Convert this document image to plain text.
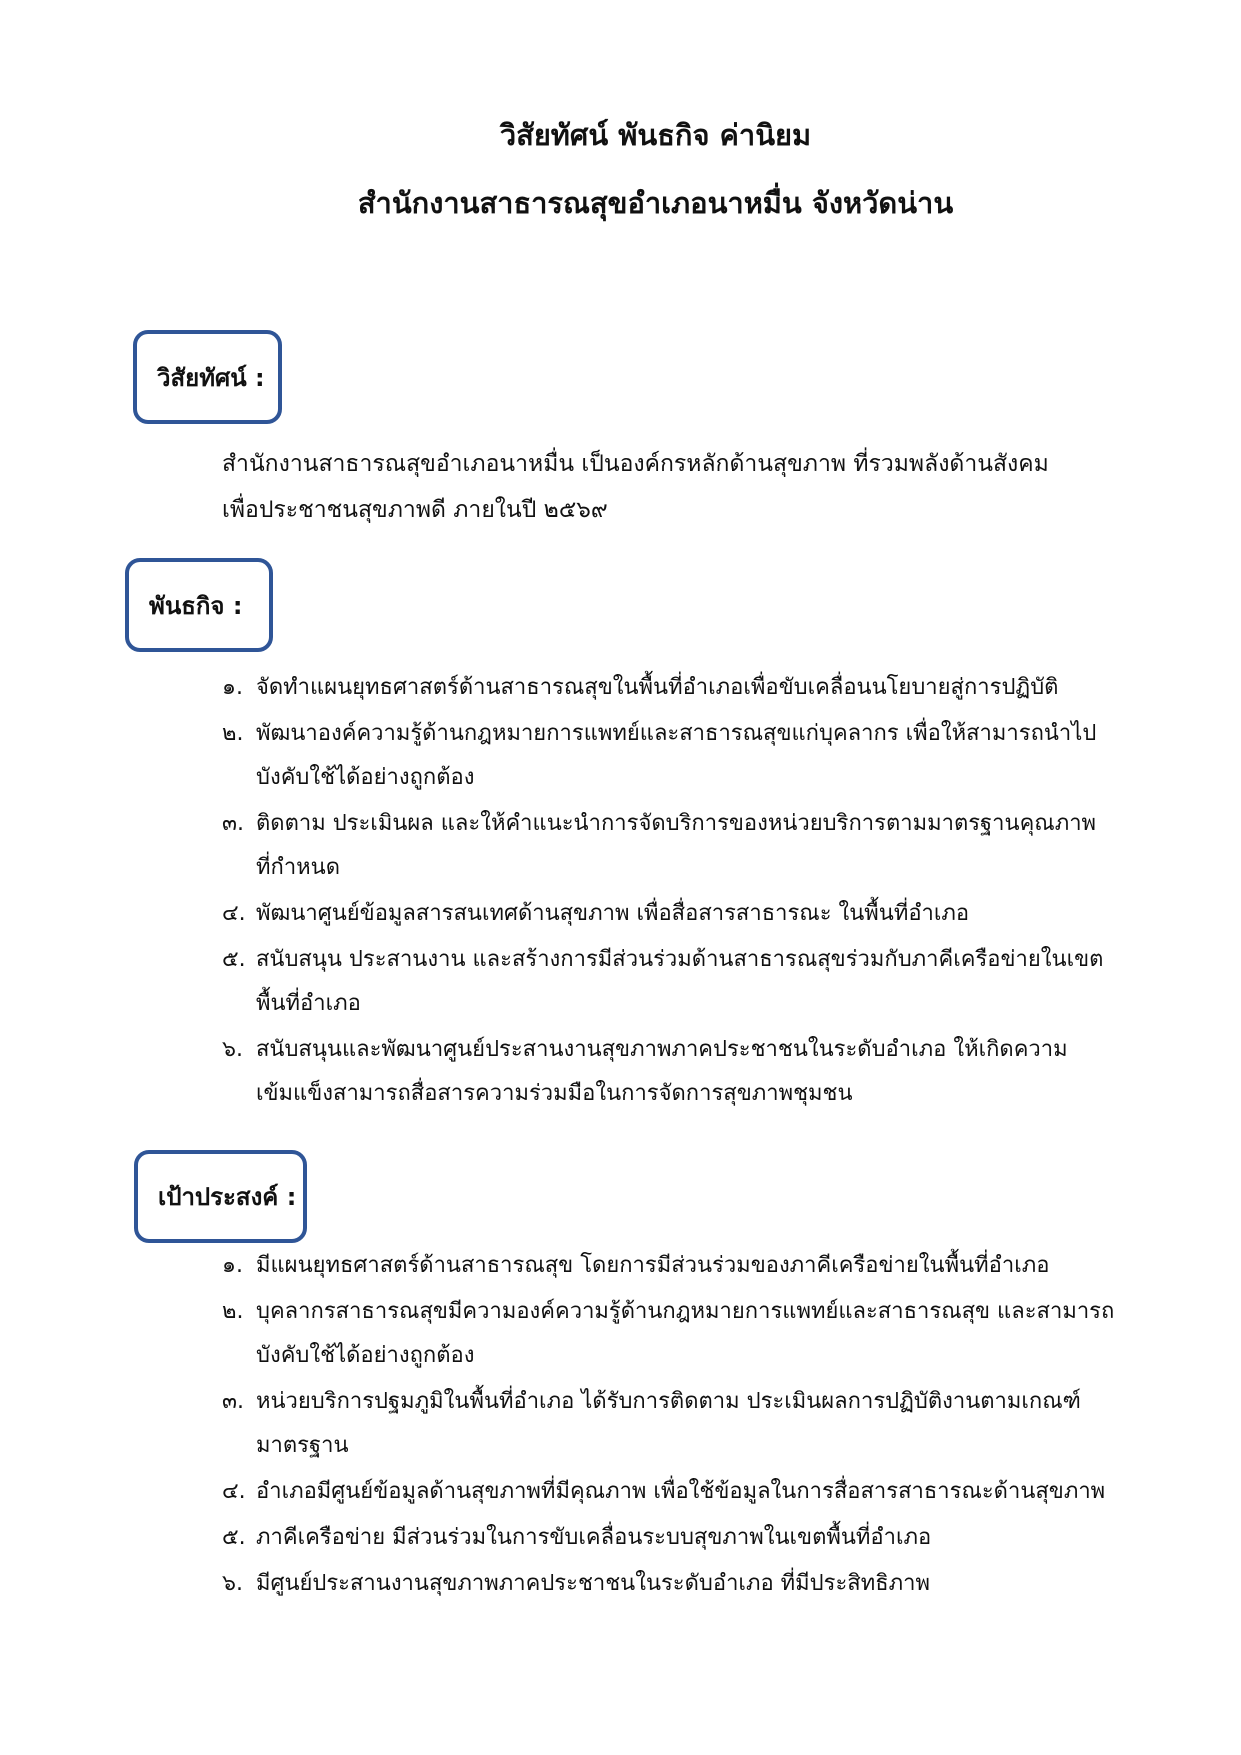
วิสัยทัศน์ พันธกิจ ค่านิยม
สำนักงานสาธารณสุขอำเภอนาหมื่น จังหวัดน่าน
วิสัยทัศน์ :
สำนักงานสาธารณสุขอำเภอนาหมื่น เป็นองค์กรหลักด้านสุขภาพ ที่รวมพลังด้านสังคม
เพื่อประชาชนสุขภาพดี ภายในปี ๒๕๖๙
พันธกิจ :
๑. จัดทำแผนยุทธศาสตร์ด้านสาธารณสุขในพื้นที่อำเภอเพื่อขับเคลื่อนนโยบายสู่การปฏิบัติ
๒. พัฒนาองค์ความรู้ด้านกฎหมายการแพทย์และสาธารณสุขแก่บุคลากร เพื่อให้สามารถนำไป
บังคับใช้ได้อย่างถูกต้อง
๓. ติดตาม ประเมินผล และให้คำแนะนำการจัดบริการของหน่วยบริการตามมาตรฐานคุณภาพ
ที่กำหนด
๔. พัฒนาศูนย์ข้อมูลสารสนเทศด้านสุขภาพ เพื่อสื่อสารสาธารณะ ในพื้นที่อำเภอ
๕. สนับสนุน ประสานงาน และสร้างการมีส่วนร่วมด้านสาธารณสุขร่วมกับภาคีเครือข่ายในเขต
พื้นที่อำเภอ
๖. สนับสนุนและพัฒนาศูนย์ประสานงานสุขภาพภาคประชาชนในระดับอำเภอ ให้เกิดความ
เข้มแข็งสามารถสื่อสารความร่วมมือในการจัดการสุขภาพชุมชน
เป้าประสงค์ :
๑. มีแผนยุทธศาสตร์ด้านสาธารณสุข โดยการมีส่วนร่วมของภาคีเครือข่ายในพื้นที่อำเภอ
๒. บุคลากรสาธารณสุขมีความองค์ความรู้ด้านกฎหมายการแพทย์และสาธารณสุข และสามารถ
บังคับใช้ได้อย่างถูกต้อง
๓. หน่วยบริการปฐมภูมิในพื้นที่อำเภอ ได้รับการติดตาม ประเมินผลการปฏิบัติงานตามเกณฑ์
มาตรฐาน
๔. อำเภอมีศูนย์ข้อมูลด้านสุขภาพที่มีคุณภาพ เพื่อใช้ข้อมูลในการสื่อสารสาธารณะด้านสุขภาพ
๕. ภาคีเครือข่าย มีส่วนร่วมในการขับเคลื่อนระบบสุขภาพในเขตพื้นที่อำเภอ
๖. มีศูนย์ประสานงานสุขภาพภาคประชาชนในระดับอำเภอ ที่มีประสิทธิภาพ
